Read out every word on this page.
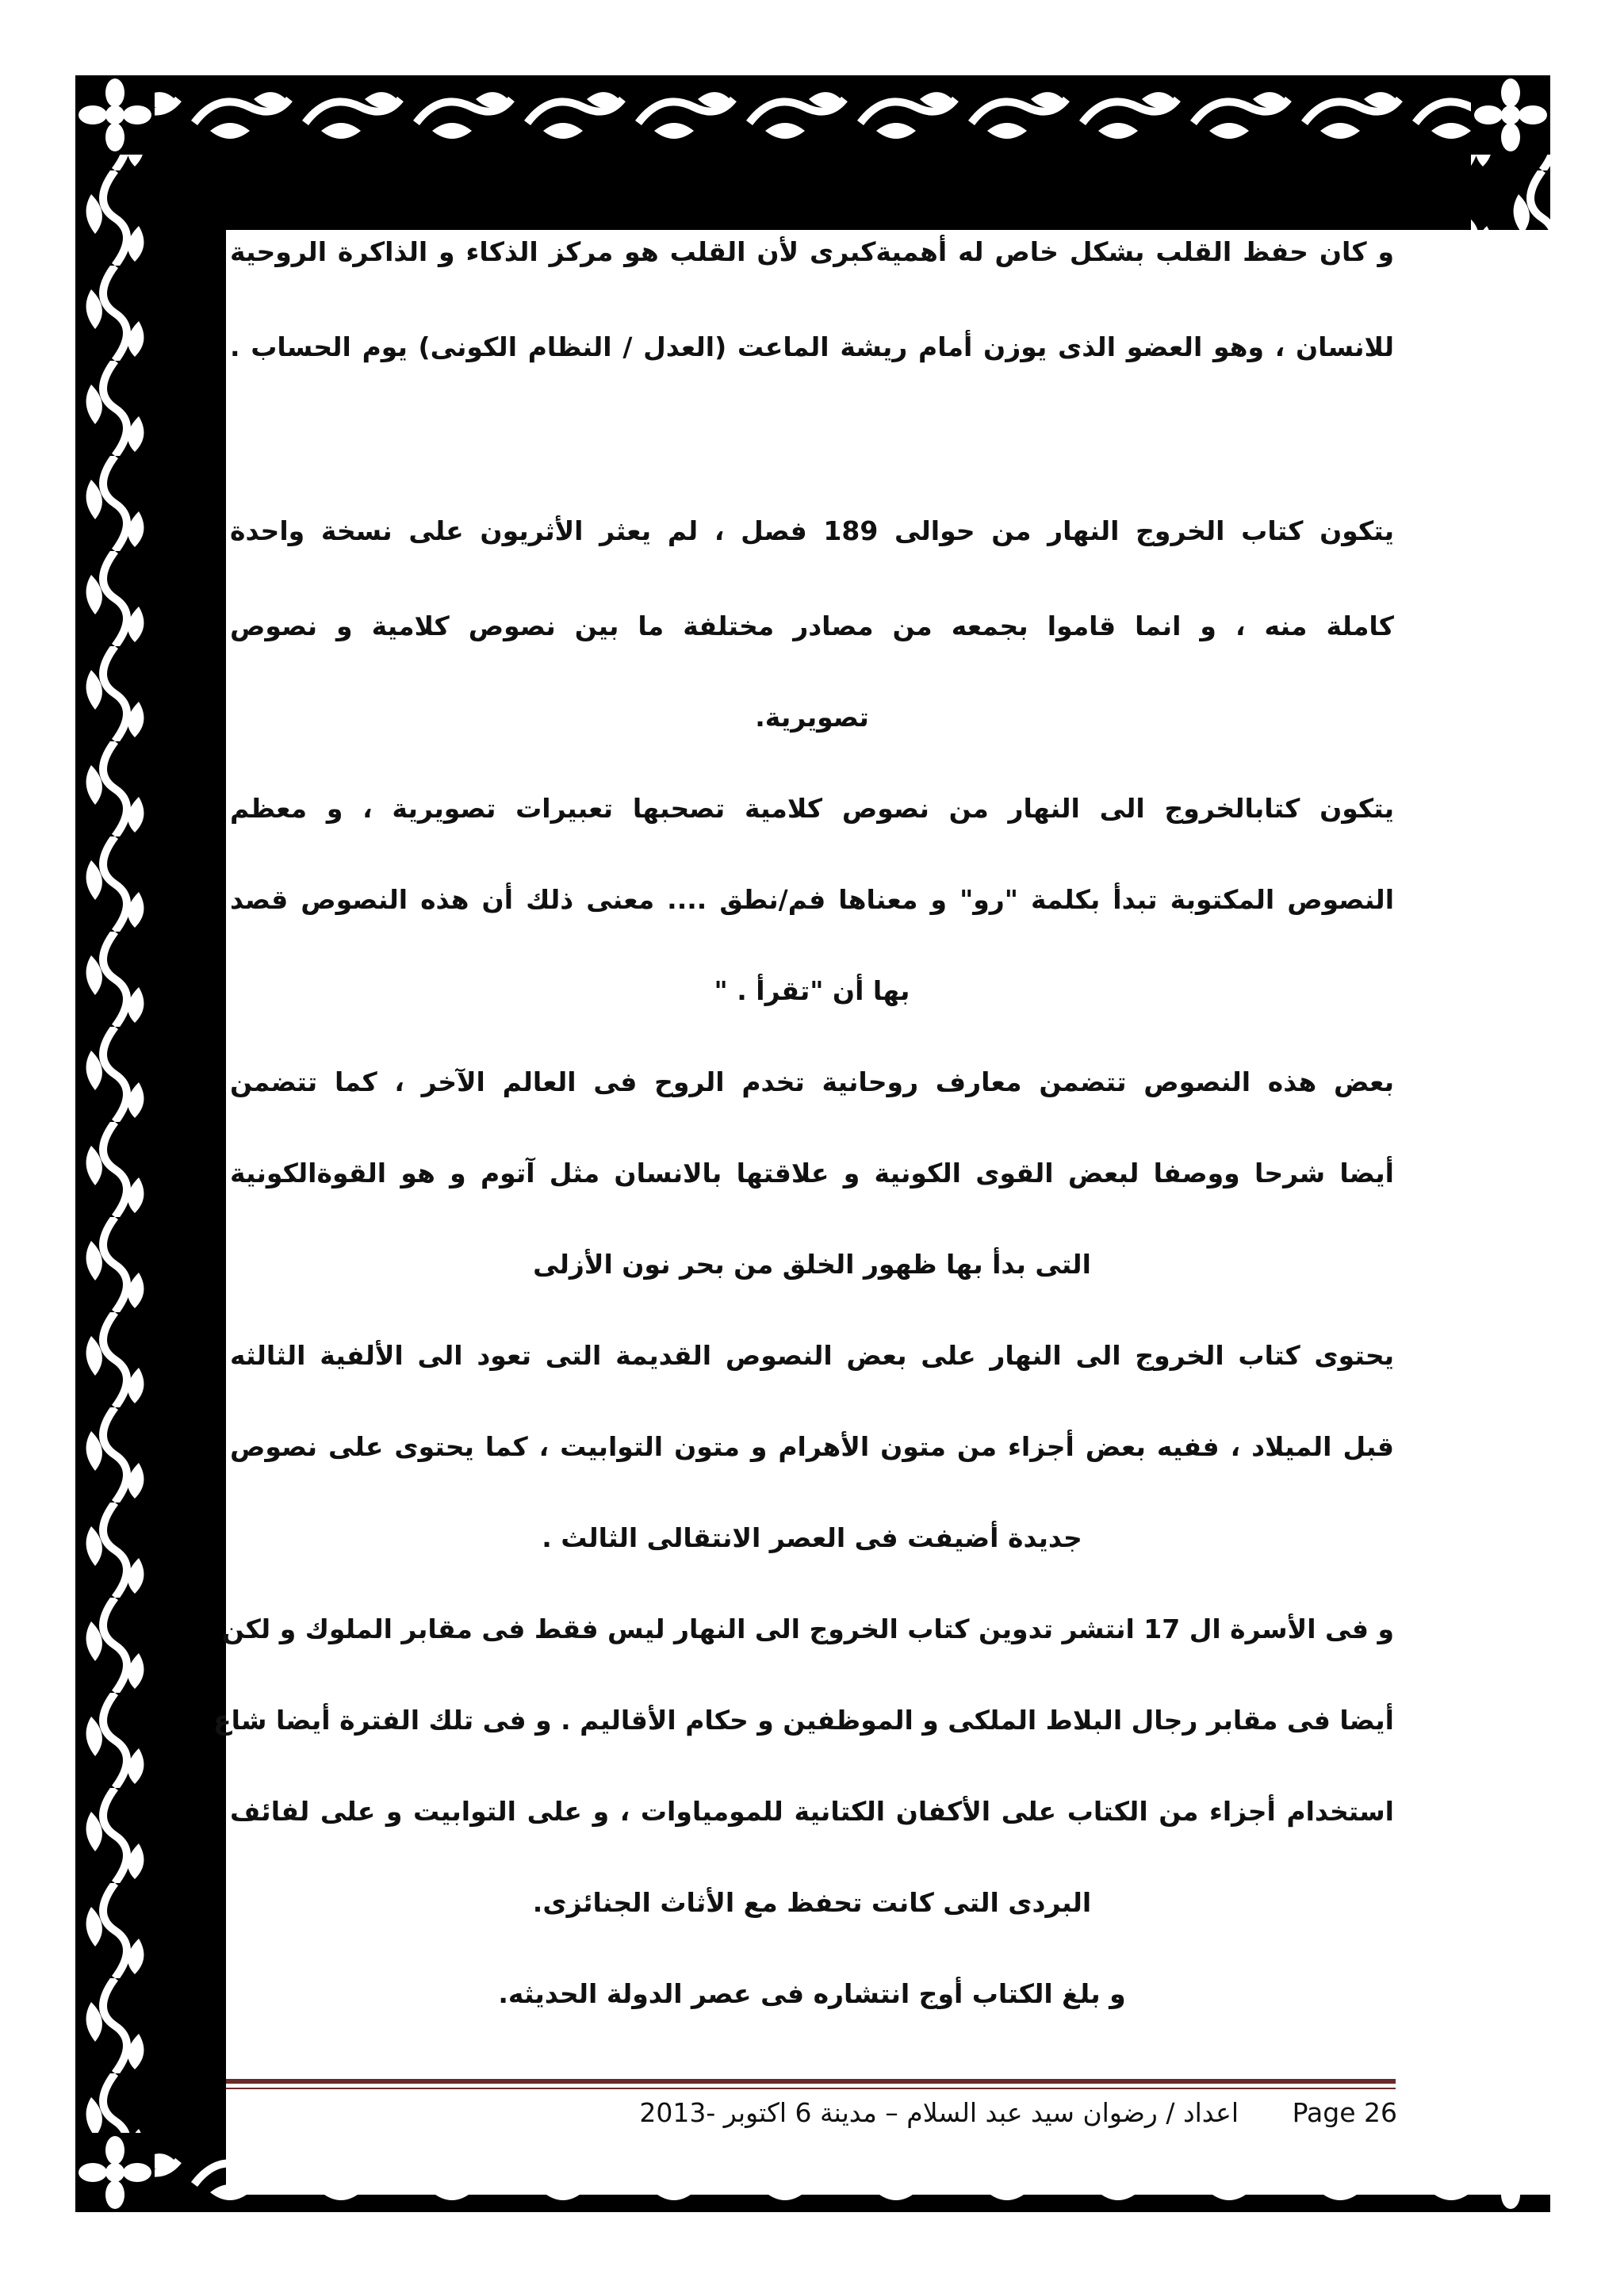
و كان حفظ القلب بشكل خاص له أهميةكبرى لأن القلب هو مركز الذكاء و الذاكرة الروحية
للانسان ، وهو العضو الذى يوزن أمام ريشة الماعت (العدل / النظام الكونى) يوم الحساب .
يتكون كتاب الخروج النهار من حوالى 189 فصل ، لم يعثر الأثريون على نسخة واحدة
كاملة منه ، و انما قاموا بجمعه من مصادر مختلفة ما بين نصوص كلامية و نصوص
تصويرية.
يتكون كتابالخروج الى النهار من نصوص كلامية تصحبها تعبيرات تصويرية ، و معظم
النصوص المكتوبة تبدأ بكلمة "رو" و معناها فم/نطق .... معنى ذلك أن هذه النصوص قصد
بها أن "تقرأ . "
بعض هذه النصوص تتضمن معارف روحانية تخدم الروح فى العالم الآخر ، كما تتضمن
أيضا شرحا ووصفا لبعض القوى الكونية و علاقتها بالانسان مثل آتوم و هو القوةالكونية
التى بدأ بها ظهور الخلق من بحر نون الأزلى
يحتوى كتاب الخروج الى النهار على بعض النصوص القديمة التى تعود الى الألفية الثالثه
قبل الميلاد ، ففيه بعض أجزاء من متون الأهرام و متون التوابيت ، كما يحتوى على نصوص
جديدة أضيفت فى العصر الانتقالى الثالث .
و فى الأسرة ال 17 انتشر تدوين كتاب الخروج الى النهار ليس فقط فى مقابر الملوك و لكن
أيضا فى مقابر رجال البلاط الملكى و الموظفين و حكام الأقاليم . و فى تلك الفترة أيضا شاع
استخدام أجزاء من الكتاب على الأكفان الكتانية للمومياوات ، و على التوابيت و على لفائف
البردى التى كانت تحفظ مع الأثاث الجنائزى.
و بلغ الكتاب أوج انتشاره فى عصر الدولة الحديثه.
Page 26
اعداد / رضوان سيد عبد السلام – مدينة 6 اكتوبر -2013
